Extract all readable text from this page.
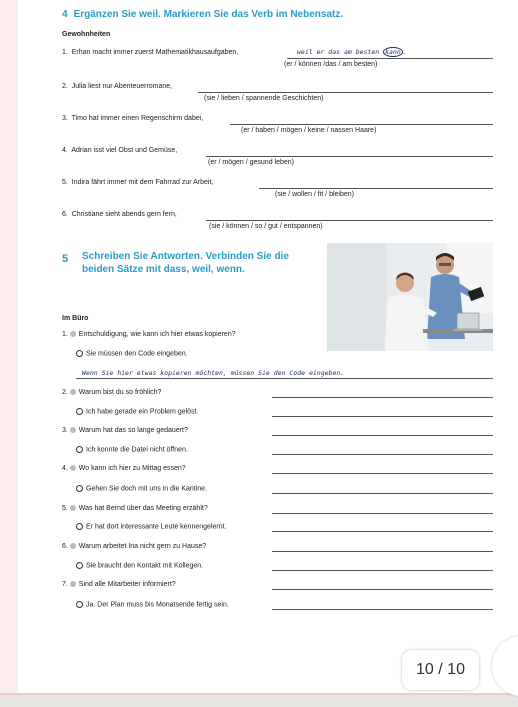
4 Ergänzen Sie weil. Markieren Sie das Verb im Nebensatz.
Gewohnheiten
1. Erhan macht immer zuerst Mathematikhausaufgaben,	weil er das am besten kann .
(er / können /das / am besten)
2. Julia liest nur Abenteuerromane,
(sie / lieben / spannende Geschichten)
3. Timo hat immer einen Regenschirm dabei,
(er / haben / mögen / keine / nassen Haare)
4. Adrian isst viel Obst und Gemüse,
(er / mögen / gesund leben)
5. Indira fährt immer mit dem Fahrrad zur Arbeit,
(sie / wollen / fit / bleiben)
6. Christiane sieht abends gern fern,
(sie / können / so / gut / entspannen)
5 Schreiben Sie Antworten. Verbinden Sie die
beiden Sätze mit dass, weil, wenn.
Im Büro
1. Entschuldigung, wie kann ich hier etwas kopieren?
Sie müssen den Code eingeben.
Wenn Sie hier etwas kopieren möchten, müssen Sie den Code eingeben.
2. Warum bist du so fröhlich?
Ich habe gerade ein Problem gelöst.
3. Warum hat das so lange gedauert?
Ich konnte die Datei nicht öffnen.
4. Wo kann ich hier zu Mittag essen?
Gehen Sie doch mit uns in die Kantine.
5. Was hat Bernd über das Meeting erzählt?
Er hat dort interessante Leute kennengelernt.
6. Warum arbeitet Ina nicht gern zu Hause?
Sie braucht den Kontakt mit Kollegen.
7. Sind alle Mitarbeiter informiert?
Ja. Der Plan muss bis Monatsende fertig sein.
10 / 10
